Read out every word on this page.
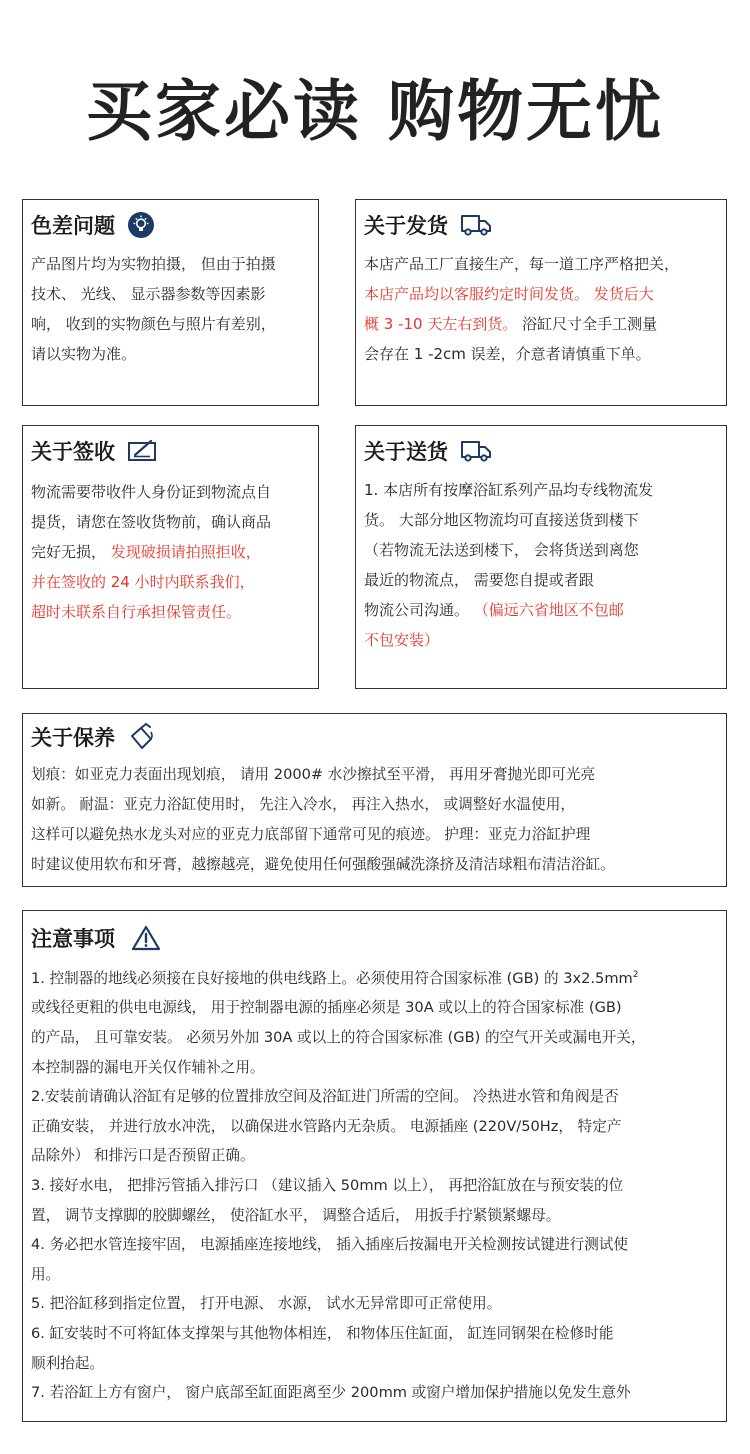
买家必读 购物无忧
色差问题

产品图片均为实物拍摄， 但由于拍摄

技术、 光线、 显示器参数等因素影

响， 收到的实物颜色与照片有差别，

请以实物为准。

关于发货

本店产品工厂直接生产，每一道工序严格把关，

本店产品均以客服约定时间发货。 发货后大

概 3 -10 天左右到货。 浴缸尺寸全手工测量

会存在 1 -2cm 误差，介意者请慎重下单。

关于签收

物流需要带收件人身份证到物流点自

提货，请您在签收货物前，确认商品

完好无损， 发现破损请拍照拒收，

并在签收的 24 小时内联系我们，

超时未联系自行承担保管责任。

关于送货

1. 本店所有按摩浴缸系列产品均专线物流发

货。 大部分地区物流均可直接送货到楼下

（若物流无法送到楼下， 会将货送到离您

最近的物流点， 需要您自提或者跟

物流公司沟通。 （偏远六省地区不包邮

不包安装）

关于保养

划痕：如亚克力表面出现划痕， 请用 2000# 水沙擦拭至平滑， 再用牙膏抛光即可光亮

如新。 耐温：亚克力浴缸使用时， 先注入冷水， 再注入热水， 或调整好水温使用，

这样可以避免热水龙头对应的亚克力底部留下通常可见的痕迹。 护理：亚克力浴缸护理

时建议使用软布和牙膏，越擦越亮，避免使用任何强酸强碱洗涤挤及清洁球粗布清洁浴缸。

注意事项

1. 控制器的地线必须接在良好接地的供电线路上。必须使用符合国家标准 (GB) 的 $3x2.5mm^2$

或线径更粗的供电电源线， 用于控制器电源的插座必须是 30A 或以上的符合国家标准 (GB)

的产品， 且可靠安装。 必须另外加 30A 或以上的符合国家标准 (GB) 的空气开关或漏电开关，

本控制器的漏电开关仅作辅补之用。

2.安装前请确认浴缸有足够的位置排放空间及浴缸进门所需的空间。 冷热进水管和角阀是否

正确安装， 并进行放水冲洗， 以确保进水管路内无杂质。 电源插座 (220V/50Hz， 特定产

品除外） 和排污口是否预留正确。

3. 接好水电， 把排污管插入排污口 （建议插入 50mm 以上）， 再把浴缸放在与预安装的位

置， 调节支撑脚的胶脚螺丝， 使浴缸水平， 调整合适后， 用扳手拧紧锁紧螺母。

4. 务必把水管连接牢固， 电源插座连接地线， 插入插座后按漏电开关检测按试键进行测试使

用。

5. 把浴缸移到指定位置， 打开电源、 水源， 试水无异常即可正常使用。

6. 缸安装时不可将缸体支撑架与其他物体相连， 和物体压住缸面， 缸连同钢架在检修时能

顺利抬起。

7. 若浴缸上方有窗户， 窗户底部至缸面距离至少 200mm 或窗户增加保护措施以免发生意外
